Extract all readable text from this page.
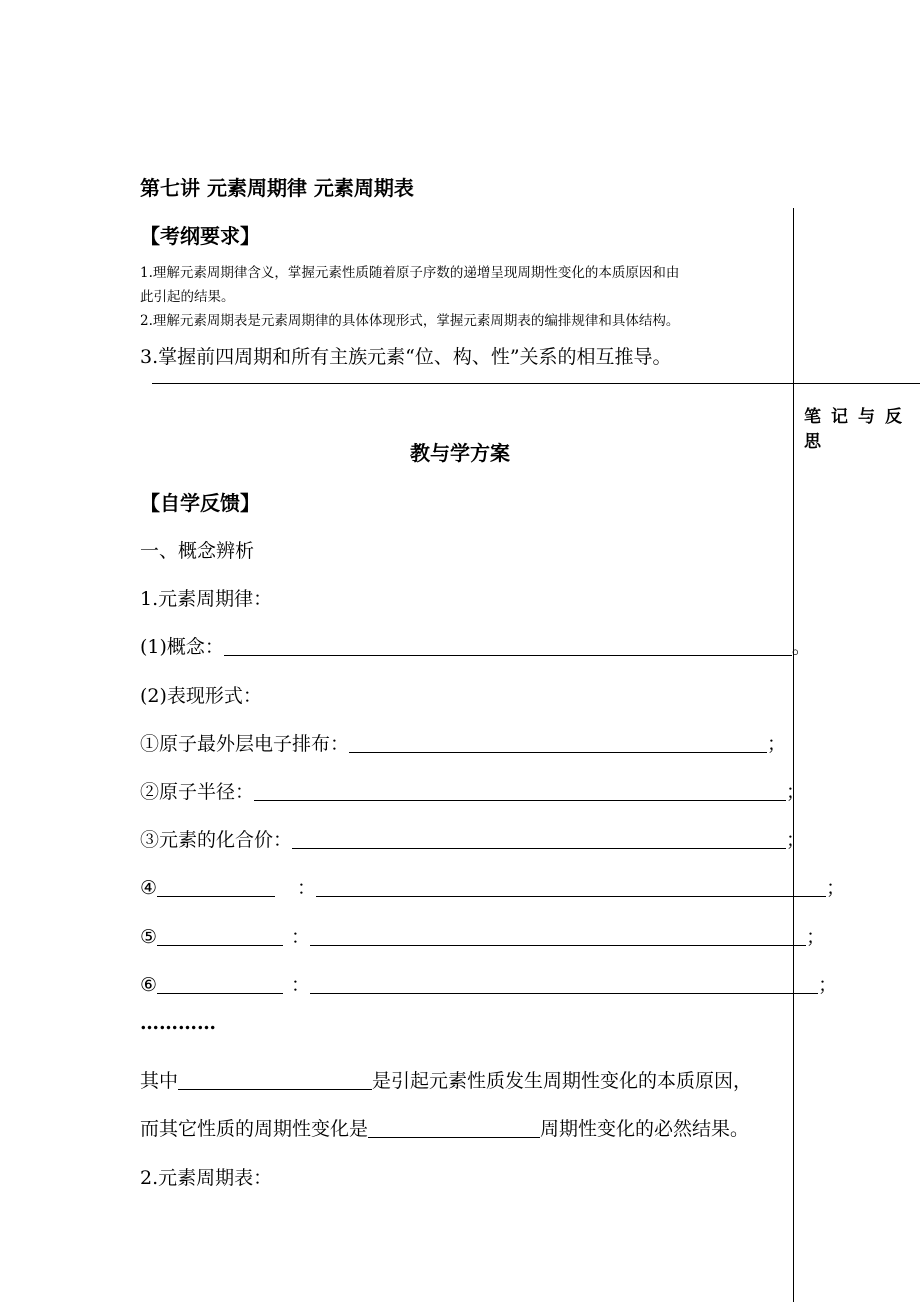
第七讲 元素周期律 元素周期表
【考纲要求】
1.理解元素周期律含义，掌握元素性质随着原子序数的递增呈现周期性变化的本质原因和由
此引起的结果。
2.理解元素周期表是元素周期律的具体体现形式，掌握元素周期表的编排规律和具体结构。
3.掌握前四周期和所有主族元素“位、构、性”关系的相互推导。
笔记与反思
教与学方案
【自学反馈】
一、概念辨析
1.元素周期律：
(1)概念：	。
(2)表现形式：
①原子最外层电子排布：	；
②原子半径：	；
③元素的化合价：	；
④	：	；
⑤	：	；
⑥	：	；
…………
其中	是引起元素性质发生周期性变化的本质原因，
而其它性质的周期性变化是	周期性变化的必然结果。
2.元素周期表：
